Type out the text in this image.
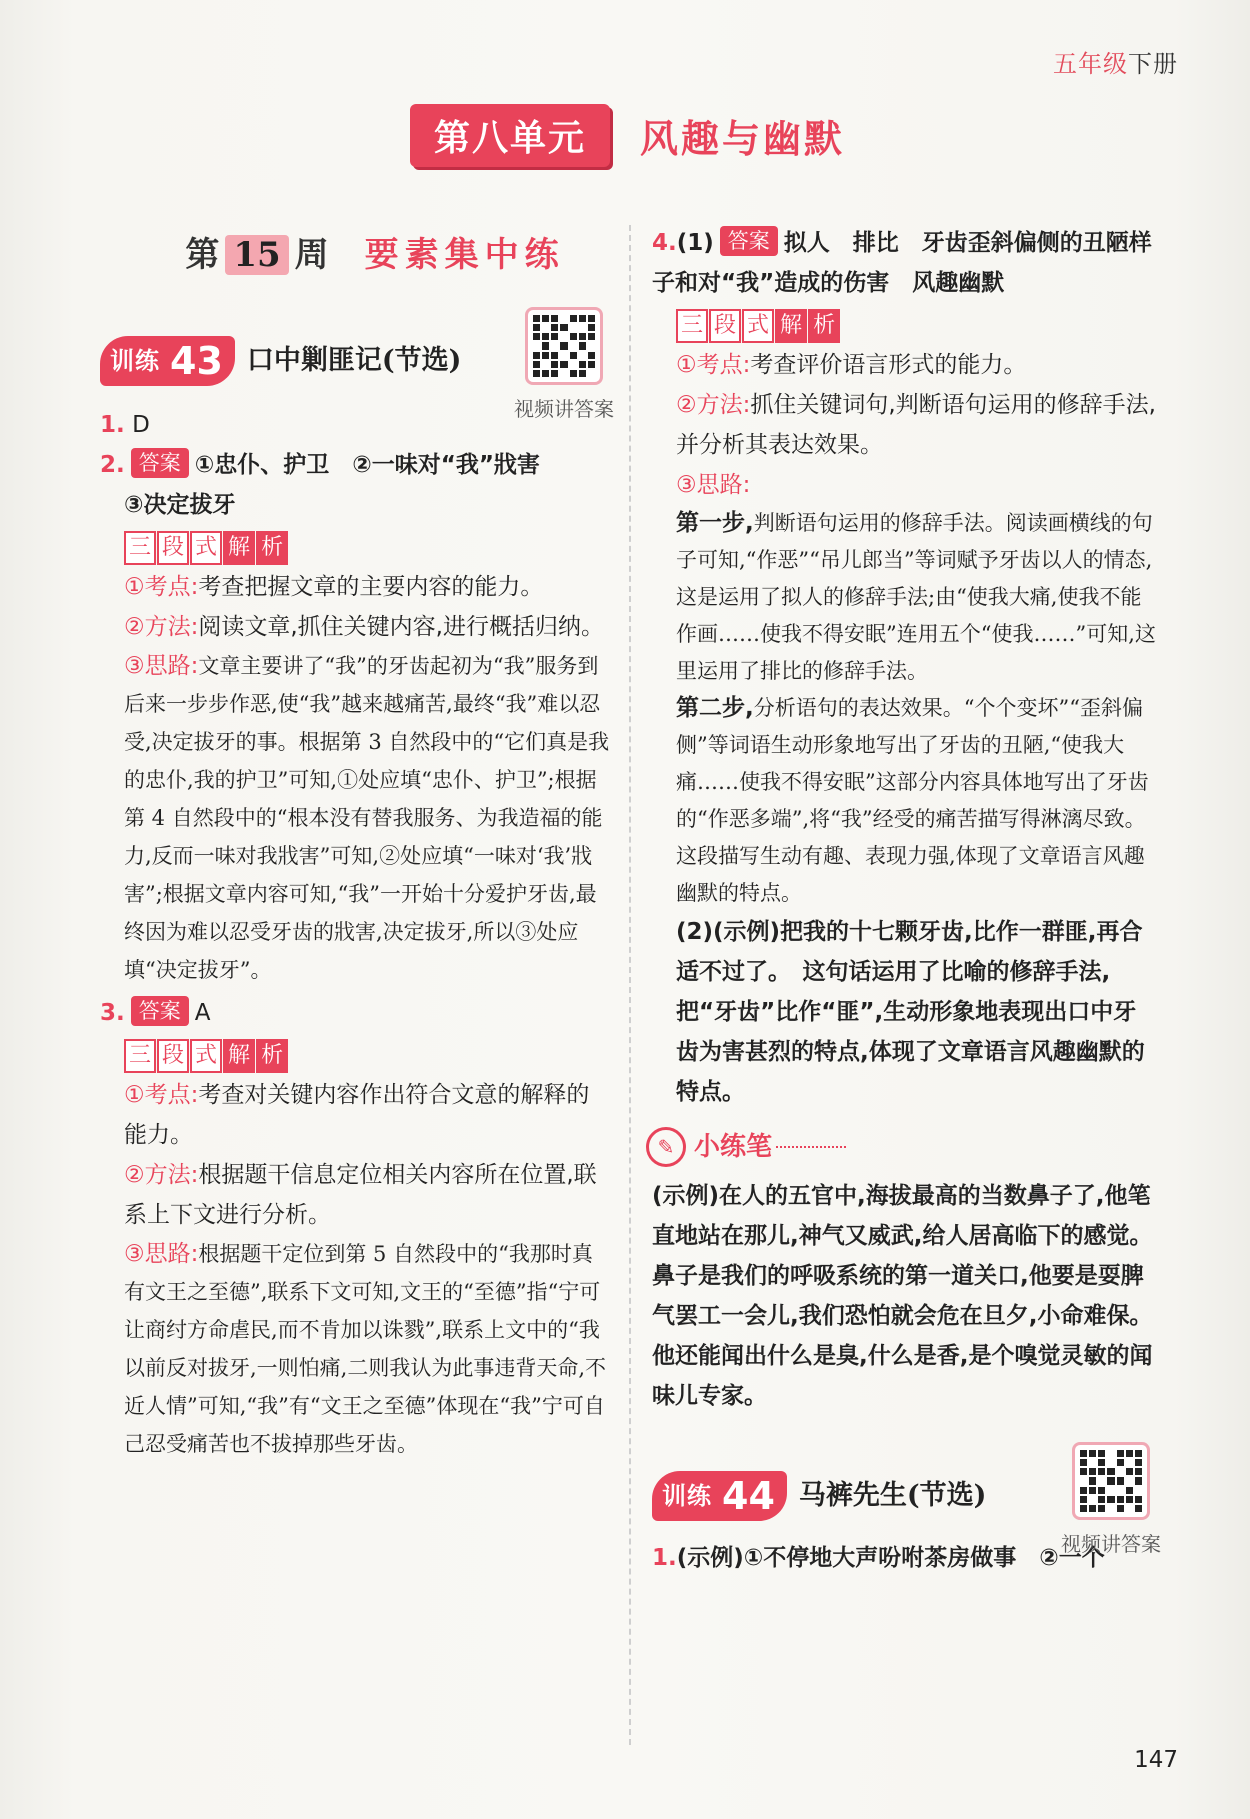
五年级下册
第八单元	风趣与幽默
第 15 周 要素集中练
训练 43 口中剿匪记(节选)
视频讲答案
1. D

2. 答案 ①忠仆、护卫　②一味对“我”戕害

③决定拔牙

三 段 式 解 析

①考点:考查把握文章的主要内容的能力。

②方法:阅读文章,抓住关键内容,进行概括归纳。

③思路:文章主要讲了“我”的牙齿起初为“我”服务到后来一步步作恶,使“我”越来越痛苦,最终“我”难以忍受,决定拔牙的事。根据第 3 自然段中的“它们真是我的忠仆,我的护卫”可知,①处应填“忠仆、护卫”;根据第 4 自然段中的“根本没有替我服务、为我造福的能力,反而一味对我戕害”可知,②处应填“一味对‘我’戕害”;根据文章内容可知,“我”一开始十分爱护牙齿,最终因为难以忍受牙齿的戕害,决定拔牙,所以③处应填“决定拔牙”。

3. 答案 A

三 段 式 解 析

①考点:考查对关键内容作出符合文意的解释的能力。

②方法:根据题干信息定位相关内容所在位置,联系上下文进行分析。

③思路:根据题干定位到第 5 自然段中的“我那时真有文王之至德”,联系下文可知,文王的“至德”指“宁可让商纣方命虐民,而不肯加以诛戮”,联系上文中的“我以前反对拔牙,一则怕痛,二则我认为此事违背天命,不近人情”可知,“我”有“文王之至德”体现在“我”宁可自己忍受痛苦也不拔掉那些牙齿。

4.(1) 答案 拟人　排比　牙齿歪斜偏侧的丑陋样子和对“我”造成的伤害　风趣幽默

三 段 式 解 析

①考点:考查评价语言形式的能力。

②方法:抓住关键词句,判断语句运用的修辞手法,并分析其表达效果。

③思路:

第一步,判断语句运用的修辞手法。阅读画横线的句子可知,“作恶”“吊儿郎当”等词赋予牙齿以人的情态,这是运用了拟人的修辞手法;由“使我大痛,使我不能作画……使我不得安眠”连用五个“使我……”可知,这里运用了排比的修辞手法。

第二步,分析语句的表达效果。“个个变坏”“歪斜偏侧”等词语生动形象地写出了牙齿的丑陋,“使我大痛……使我不得安眠”这部分内容具体地写出了牙齿的“作恶多端”,将“我”经受的痛苦描写得淋漓尽致。这段描写生动有趣、表现力强,体现了文章语言风趣幽默的特点。

(2)(示例)把我的十七颗牙齿,比作一群匪,再合适不过了。　这句话运用了比喻的修辞手法,把“牙齿”比作“匪”,生动形象地表现出口中牙齿为害甚烈的特点,体现了文章语言风趣幽默的特点。

✎ 小练笔

(示例)在人的五官中,海拔最高的当数鼻子了,他笔直地站在那儿,神气又威武,给人居高临下的感觉。鼻子是我们的呼吸系统的第一道关口,他要是耍脾气罢工一会儿,我们恐怕就会危在旦夕,小命难保。他还能闻出什么是臭,什么是香,是个嗅觉灵敏的闻味儿专家。

训练 44 马裤先生(节选)
视频讲答案

1.(示例)①不停地大声吩咐茶房做事　②一个

147
